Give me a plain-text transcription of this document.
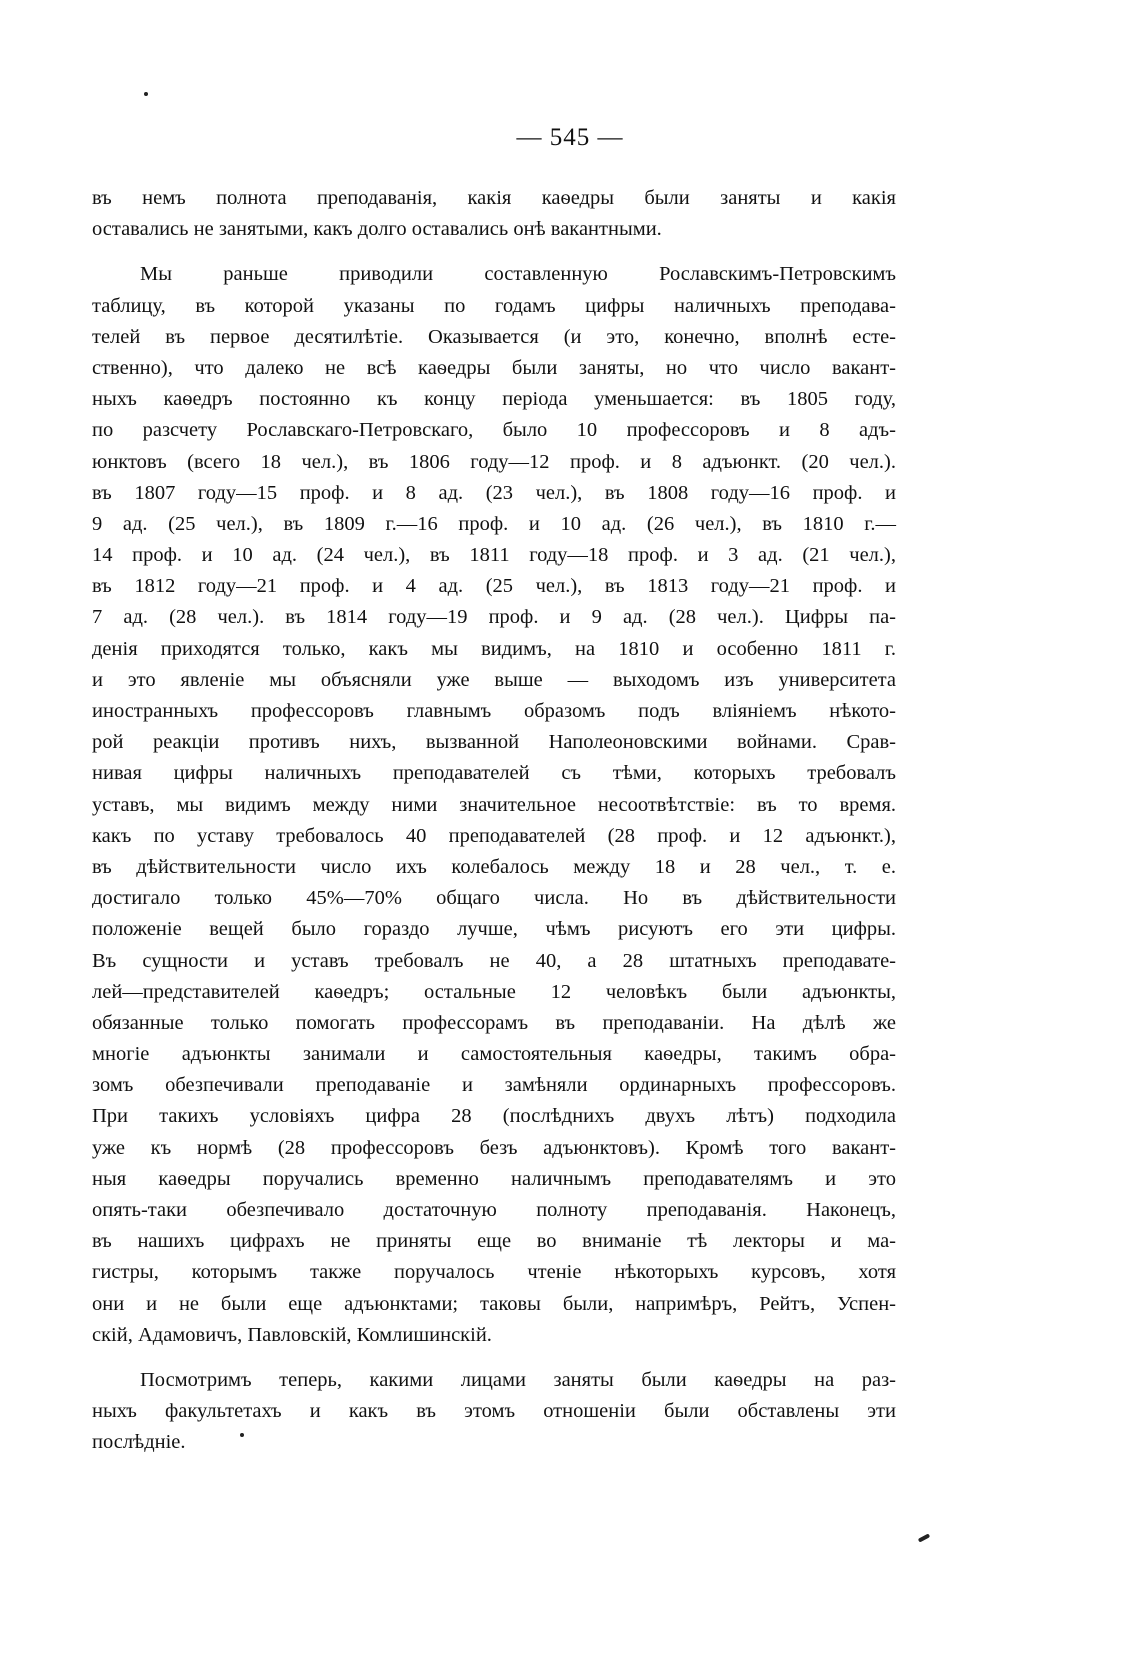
— 545 —
въ немъ полнота преподаванія, какія каѳедры были заняты и какія
оставались не занятыми, какъ долго оставались онѣ вакантными.
Мы раньше приводили составленную Рославскимъ-Петровскимъ
таблицу, въ которой указаны по годамъ цифры наличныхъ преподава-
телей въ первое десятилѣтіе. Оказывается (и это, конечно, вполнѣ есте-
ственно), что далеко не всѣ каѳедры были заняты, но что число вакант-
ныхъ каѳедръ постоянно къ концу періода уменьшается: въ 1805 году,
по разсчету Рославскаго-Петровскаго, было 10 профессоровъ и 8 адъ-
юнктовъ (всего 18 чел.), въ 1806 году—12 проф. и 8 адъюнкт. (20 чел.).
въ 1807 году—15 проф. и 8 ад. (23 чел.), въ 1808 году—16 проф. и
9 ад. (25 чел.), въ 1809 г.—16 проф. и 10 ад. (26 чел.), въ 1810 г.—
14 проф. и 10 ад. (24 чел.), въ 1811 году—18 проф. и 3 ад. (21 чел.),
въ 1812 году—21 проф. и 4 ад. (25 чел.), въ 1813 году—21 проф. и
7 ад. (28 чел.). въ 1814 году—19 проф. и 9 ад. (28 чел.). Цифры па-
денія приходятся только, какъ мы видимъ, на 1810 и особенно 1811 г.
и это явленіе мы объясняли уже выше — выходомъ изъ университета
иностранныхъ профессоровъ главнымъ образомъ подъ вліяніемъ нѣкото-
рой реакціи противъ нихъ, вызванной Наполеоновскими войнами. Срав-
нивая цифры наличныхъ преподавателей съ тѣми, которыхъ требовалъ
уставъ, мы видимъ между ними значительное несоотвѣтствіе: въ то время.
какъ по уставу требовалось 40 преподавателей (28 проф. и 12 адъюнкт.),
въ дѣйствительности число ихъ колебалось между 18 и 28 чел., т. е.
достигало только 45%—70% общаго числа. Но въ дѣйствительности
положеніе вещей было гораздо лучше, чѣмъ рисуютъ его эти цифры.
Въ сущности и уставъ требовалъ не 40, а 28 штатныхъ преподавате-
лей—представителей каѳедръ; остальные 12 человѣкъ были адъюнкты,
обязанные только помогать профессорамъ въ преподаваніи. На дѣлѣ же
многіе адъюнкты занимали и самостоятельныя каѳедры, такимъ обра-
зомъ обезпечивали преподаваніе и замѣняли ординарныхъ профессоровъ.
При такихъ условіяхъ цифра 28 (послѣднихъ двухъ лѣтъ) подходила
уже къ нормѣ (28 профессоровъ безъ адъюнктовъ). Кромѣ того вакант-
ныя каѳедры поручались временно наличнымъ преподавателямъ и это
опять-таки обезпечивало достаточную полноту преподаванія. Наконецъ,
въ нашихъ цифрахъ не приняты еще во вниманіе тѣ лекторы и ма-
гистры, которымъ также поручалось чтеніе нѣкоторыхъ курсовъ, хотя
они и не были еще адъюнктами; таковы были, напримѣръ, Рейтъ, Успен-
скій, Адамовичъ, Павловскій, Комлишинскій.
Посмотримъ теперь, какими лицами заняты были каѳедры на раз-
ныхъ факультетахъ и какъ въ этомъ отношеніи были обставлены эти
послѣдніе.
